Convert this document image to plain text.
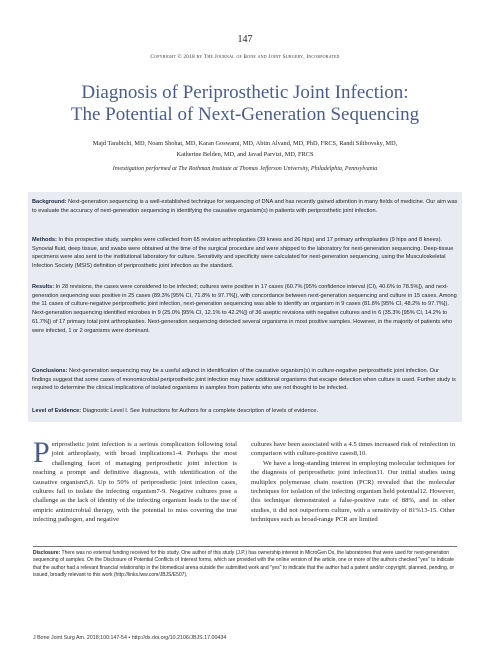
147
Copyright © 2018 by The Journal of Bone and Joint Surgery, Incorporated
Diagnosis of Periprosthetic Joint Infection:
The Potential of Next-Generation Sequencing
Majd Tarabichi, MD, Noam Shohat, MD, Karan Goswami, MD, Abtin Alvand, MD, PhD, FRCS, Randi Silibovsky, MD,
Katherine Belden, MD, and Javad Parvizi, MD, FRCS
Investigation performed at The Rothman Institute at Thomas Jefferson University, Philadelphia, Pennsylvania

Background: Next-generation sequencing is a well-established technique for sequencing of DNA and has recently gained attention in many fields of medicine. Our aim was to evaluate the accuracy of next-generation sequencing in identifying the causative organism(s) in patients with periprosthetic joint infection.

Methods: In this prospective study, samples were collected from 65 revision arthroplasties (39 knees and 26 hips) and 17 primary arthroplasties (9 hips and 8 knees). Synovial fluid, deep tissue, and swabs were obtained at the time of the surgical procedure and were shipped to the laboratory for next-generation sequencing. Deep-tissue specimens were also sent to the institutional laboratory for culture. Sensitivity and specificity were calculated for next-generation sequencing, using the Musculoskeletal Infection Society (MSIS) definition of periprosthetic joint infection as the standard.

Results: In 28 revisions, the cases were considered to be infected; cultures were positive in 17 cases (60.7% [95% confidence interval (CI), 40.6% to 78.5%]), and next-generation sequencing was positive in 25 cases (89.3% [95% CI, 71.8% to 97.7%]), with concordance between next-generation sequencing and culture in 15 cases. Among the 11 cases of culture-negative periprosthetic joint infection, next-generation sequencing was able to identify an organism in 9 cases (81.8% [95% CI, 48.2% to 97.7%]). Next-generation sequencing identified microbes in 9 (25.0% [95% CI, 12.1% to 42.2%]) of 36 aseptic revisions with negative cultures and in 6 (35.3% [95% CI, 14.2% to 61.7%]) of 17 primary total joint arthroplasties. Next-generation sequencing detected several organisms in most positive samples. However, in the majority of patients who were infected, 1 or 2 organisms were dominant.

Conclusions: Next-generation sequencing may be a useful adjunct in identification of the causative organism(s) in culture-negative periprosthetic joint infection. Our findings suggest that some cases of monomicrobial periprosthetic joint infection may have additional organisms that escape detection when culture is used. Further study is required to determine the clinical implications of isolated organisms in samples from patients who are not thought to be infected.

Level of Evidence: Diagnostic Level I. See Instructions for Authors for a complete description of levels of evidence.

Periprosthetic joint infection is a serious complication following total joint arthroplasty, with broad implications1-4. Perhaps the most challenging facet of managing periprosthetic joint infection is reaching a prompt and definitive diagnosis, with identification of the causative organism5,6. Up to 50% of periprosthetic joint infection cases, cultures fail to isolate the infecting organism7-9. Negative cultures pose a challenge as the lack of identity of the infecting organism leads to the use of empiric antimicrobial therapy, with the potential to miss covering the true infecting pathogen, and negative

cultures have been associated with a 4.5 times increased risk of reinfection in comparison with culture-positive cases8,10.
We have a long-standing interest in employing molecular techniques for the diagnosis of periprosthetic joint infection11. Our initial studies using multiplex polymerase chain reaction (PCR) revealed that the molecular techniques for isolation of the infecting organism held potential12. However, this technique demonstrated a false-positive rate of 88%, and in other studies, it did not outperform culture, with a sensitivity of 81%13-15. Other techniques such as broad-range PCR are limited

Disclosure: There was no external funding received for this study. One author of this study (J.P.) has ownership interest in MicroGen Dx, the laboratories that were used for next-generation sequencing of samples. On the Disclosure of Potential Conflicts of Interest forms, which are provided with the online version of the article, one or more of the authors checked "yes" to indicate that the author had a relevant financial relationship in the biomedical arena outside the submitted work and "yes" to indicate that the author had a patent and/or copyright, planned, pending, or issued, broadly relevant to this work (http://links.lww.com/JBJS/E507).

J Bone Joint Surg Am. 2018;100:147-54 • http://dx.doi.org/10.2106/JBJS.17.00434
